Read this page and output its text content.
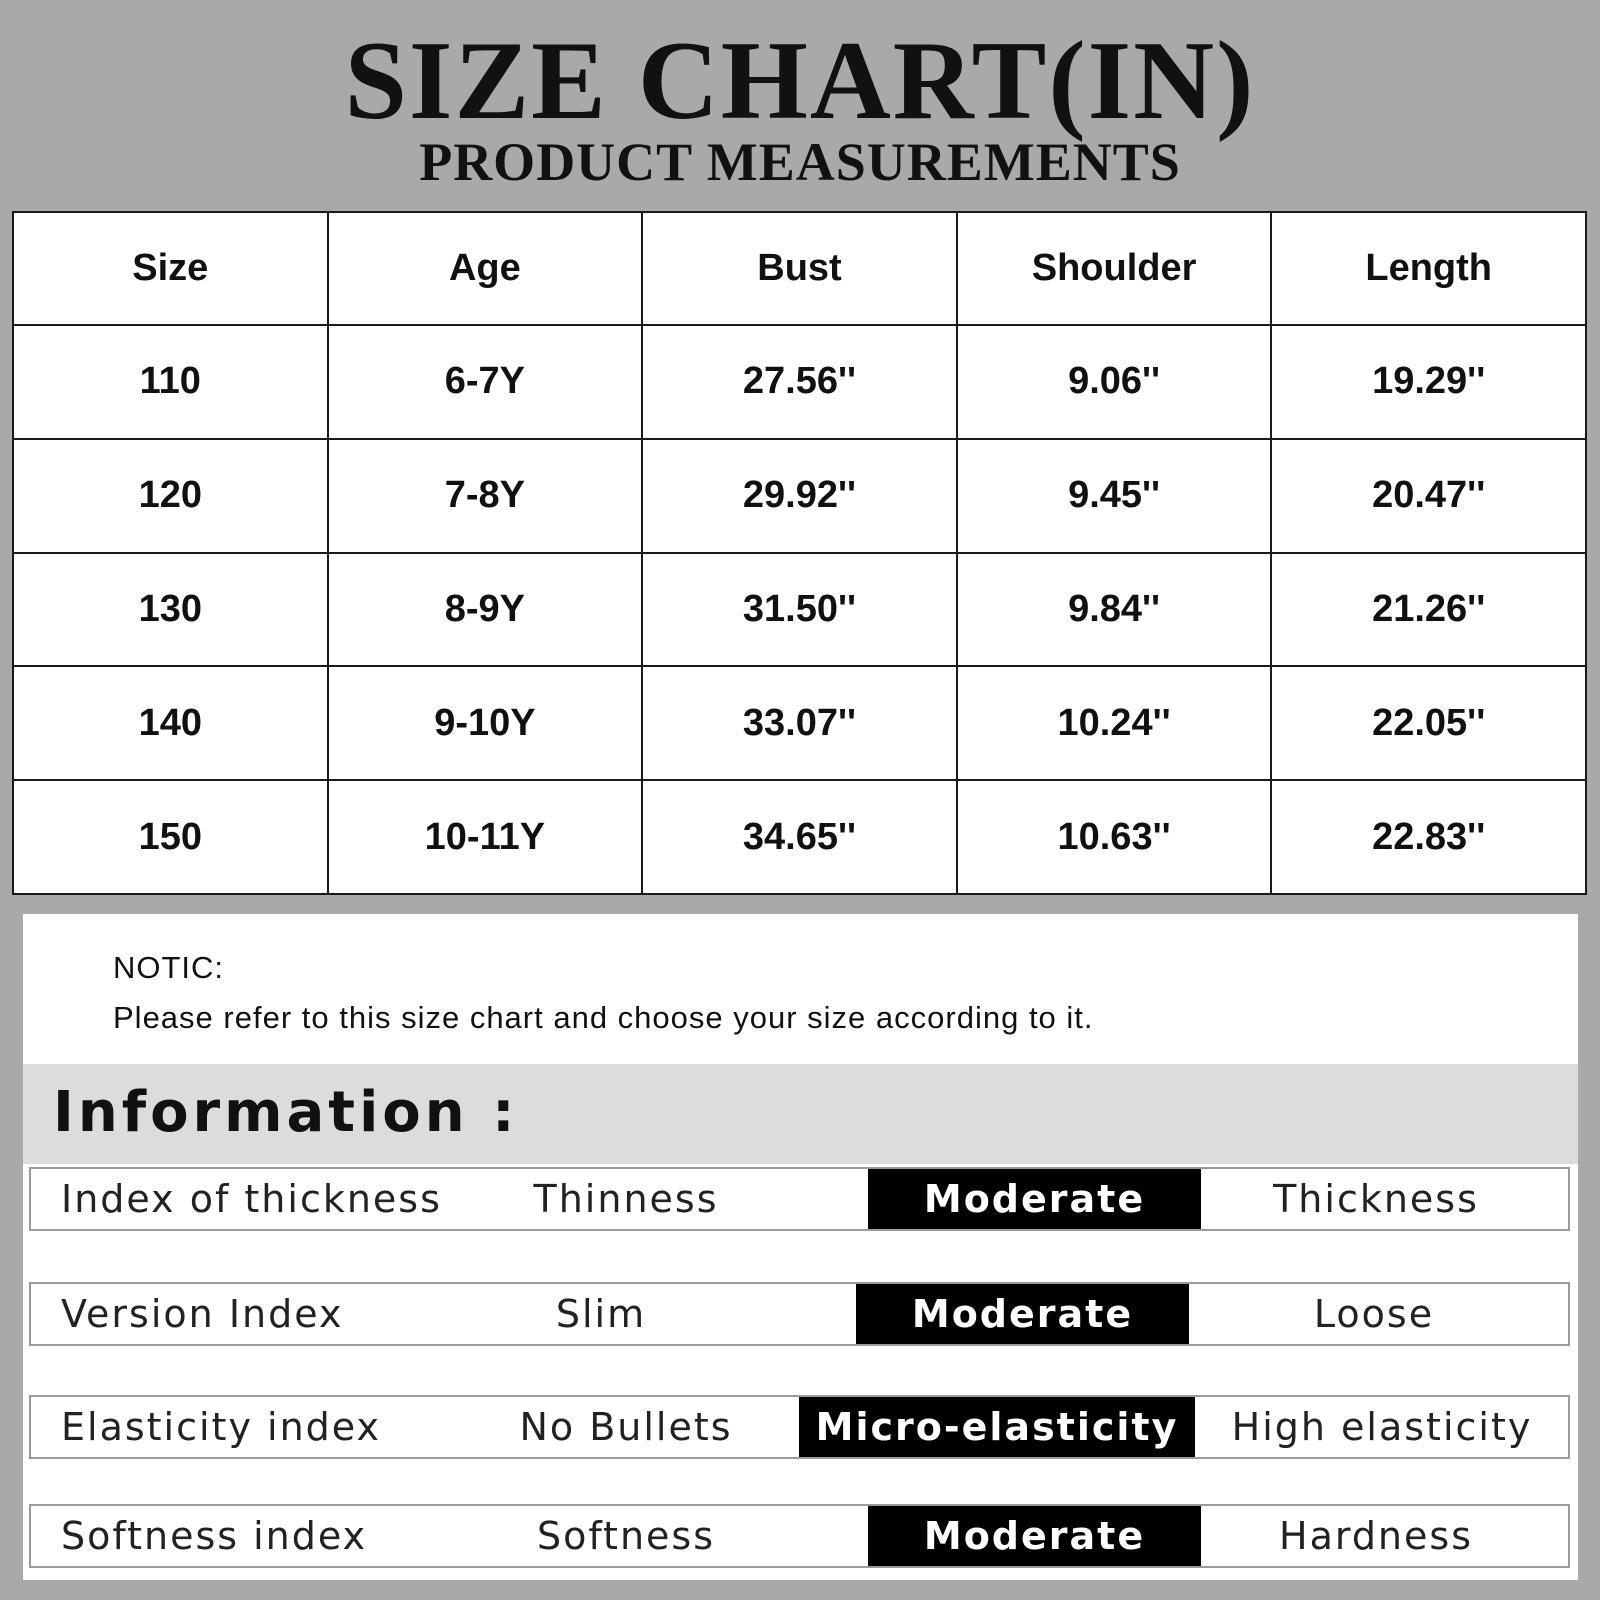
SIZE CHART(IN)
PRODUCT MEASUREMENTS
Size	Age	Bust	Shoulder	Length
110	6-7Y	27.56''	9.06''	19.29''
120	7-8Y	29.92''	9.45''	20.47''
130	8-9Y	31.50''	9.84''	21.26''
140	9-10Y	33.07''	10.24''	22.05''
150	10-11Y	34.65''	10.63''	22.83''
NOTIC:
Please refer to this size chart and choose your size according to it.
Information :
Index of thickness	Thinness	Moderate	Thickness
Version Index	Slim	Moderate	Loose
Elasticity index	No Bullets	Micro-elasticity	High elasticity
Softness index	Softness	Moderate	Hardness
